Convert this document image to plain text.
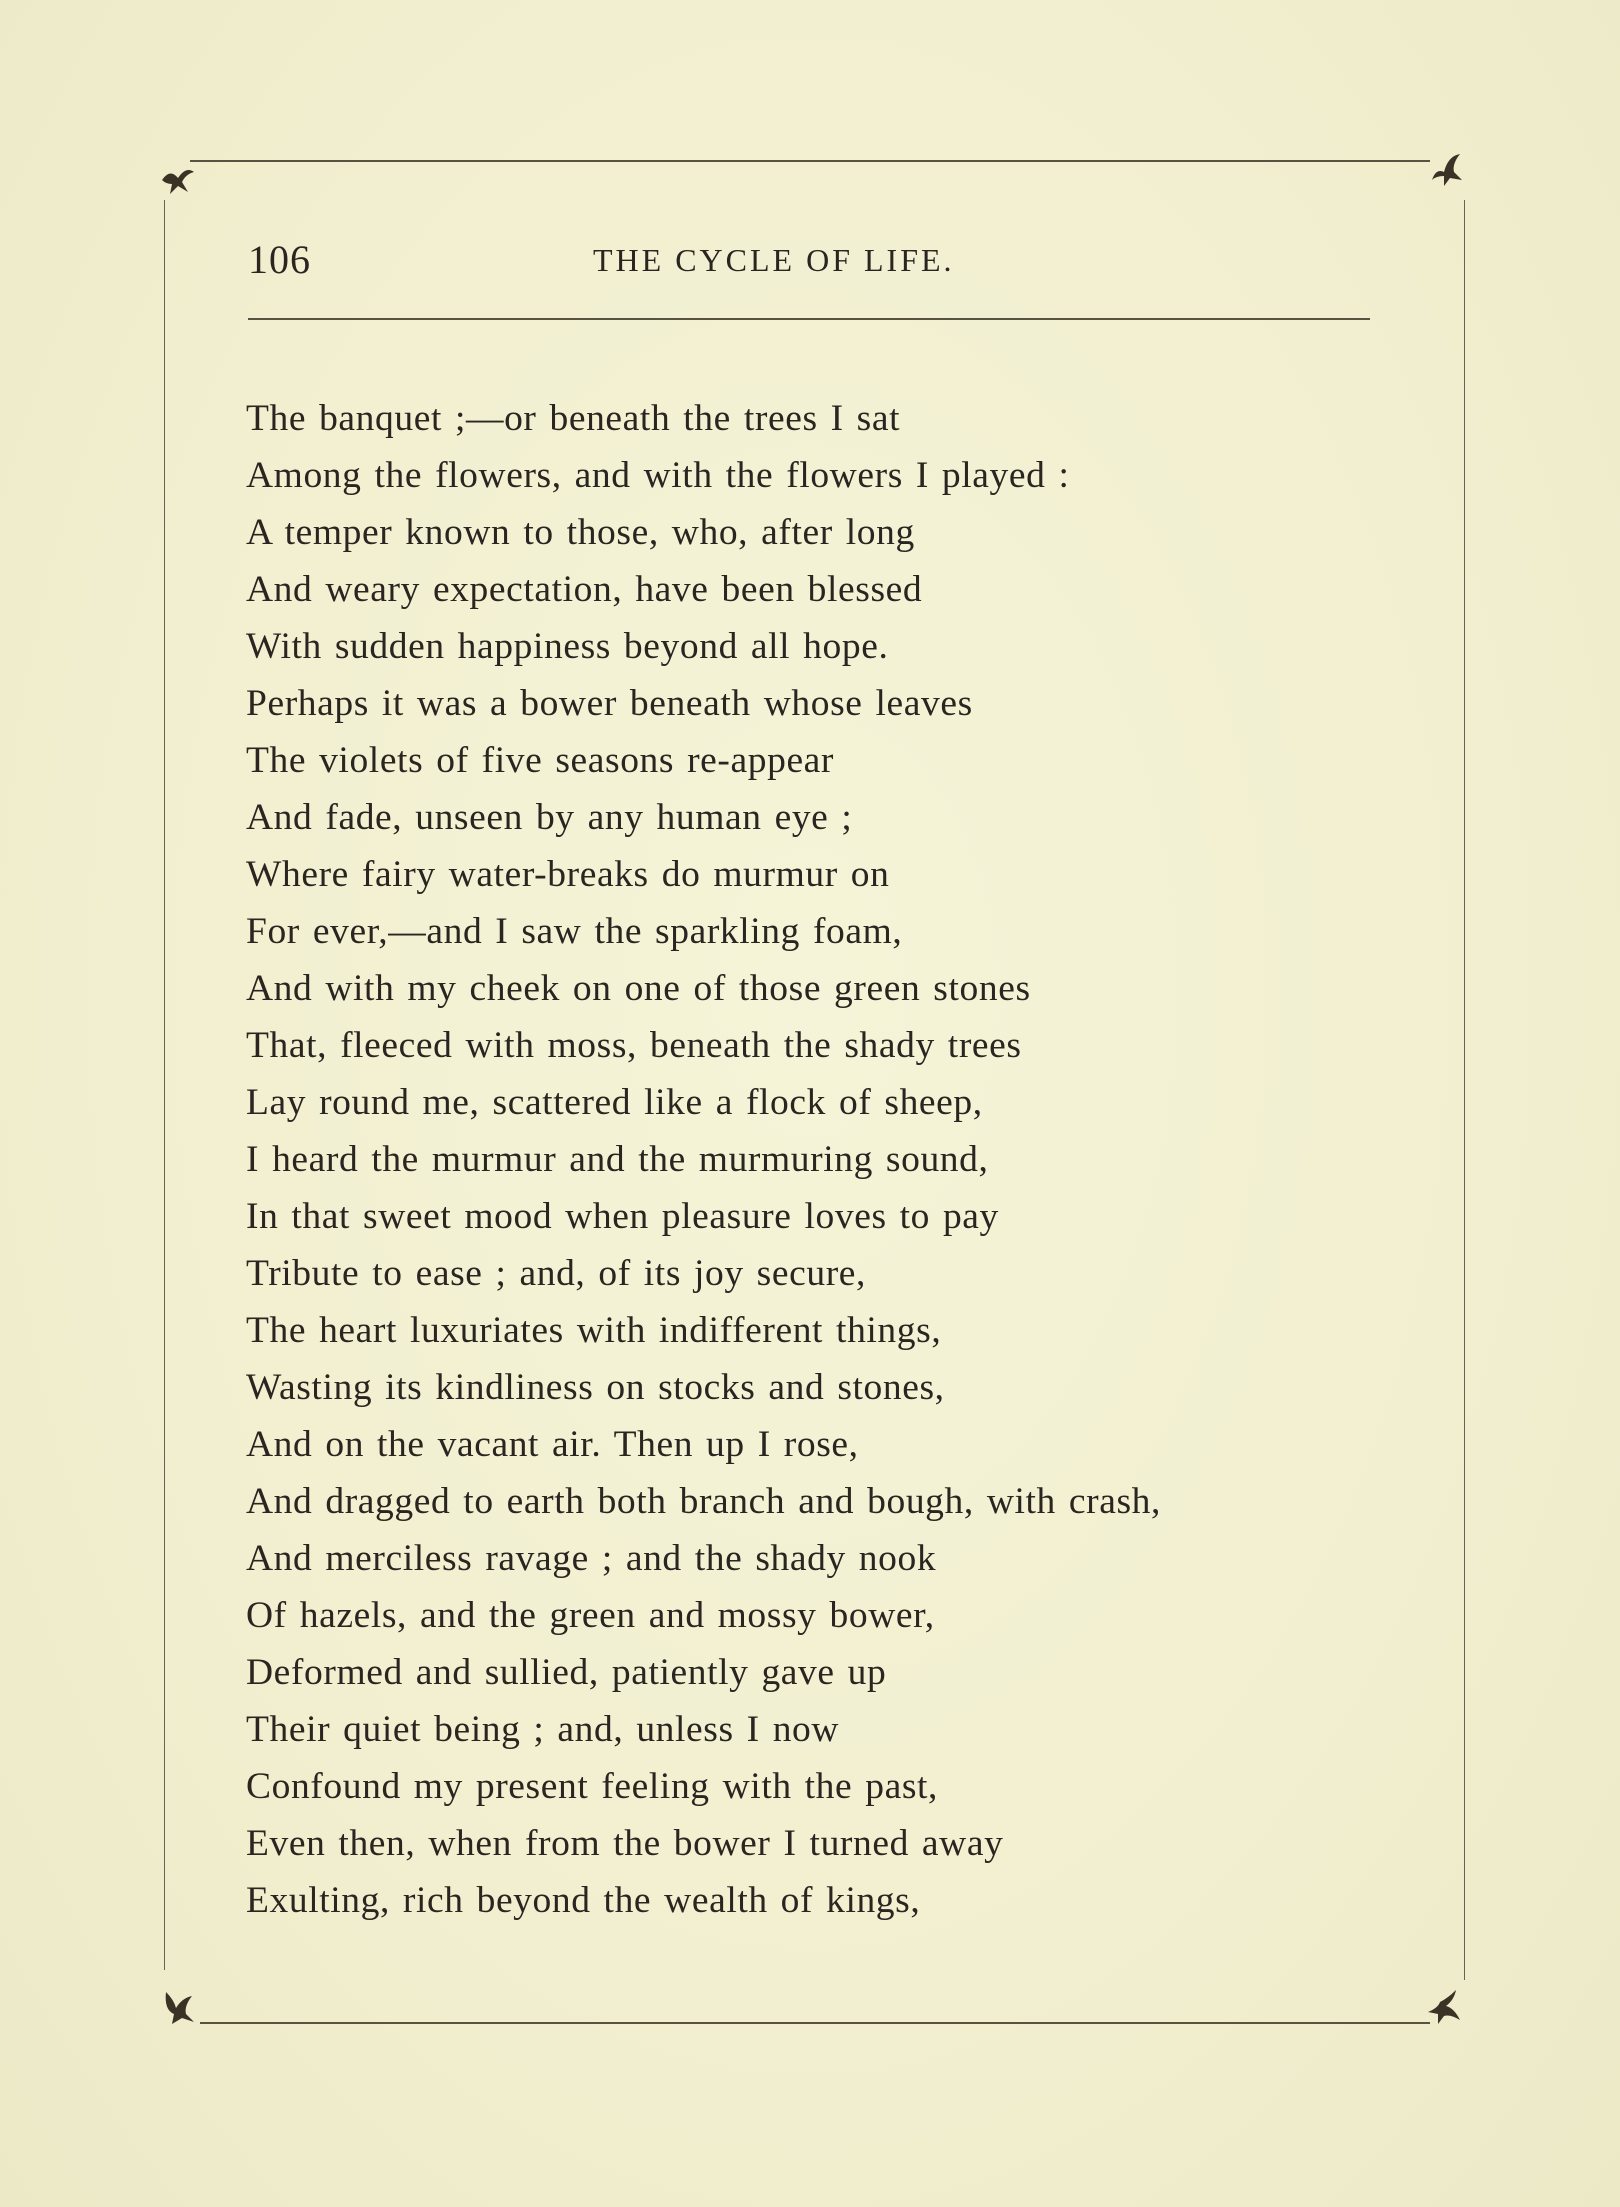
106	THE CYCLE OF LIFE.
The banquet ;—or beneath the trees I sat
Among the flowers, and with the flowers I played :
A temper known to those, who, after long
And weary expectation, have been blessed
With sudden happiness beyond all hope.
Perhaps it was a bower beneath whose leaves
The violets of five seasons re-appear
And fade, unseen by any human eye ;
Where fairy water-breaks do murmur on
For ever,—and I saw the sparkling foam,
And with my cheek on one of those green stones
That, fleeced with moss, beneath the shady trees
Lay round me, scattered like a flock of sheep,
I heard the murmur and the murmuring sound,
In that sweet mood when pleasure loves to pay
Tribute to ease ; and, of its joy secure,
The heart luxuriates with indifferent things,
Wasting its kindliness on stocks and stones,
And on the vacant air. Then up I rose,
And dragged to earth both branch and bough, with crash,
And merciless ravage ; and the shady nook
Of hazels, and the green and mossy bower,
Deformed and sullied, patiently gave up
Their quiet being ; and, unless I now
Confound my present feeling with the past,
Even then, when from the bower I turned away
Exulting, rich beyond the wealth of kings,
